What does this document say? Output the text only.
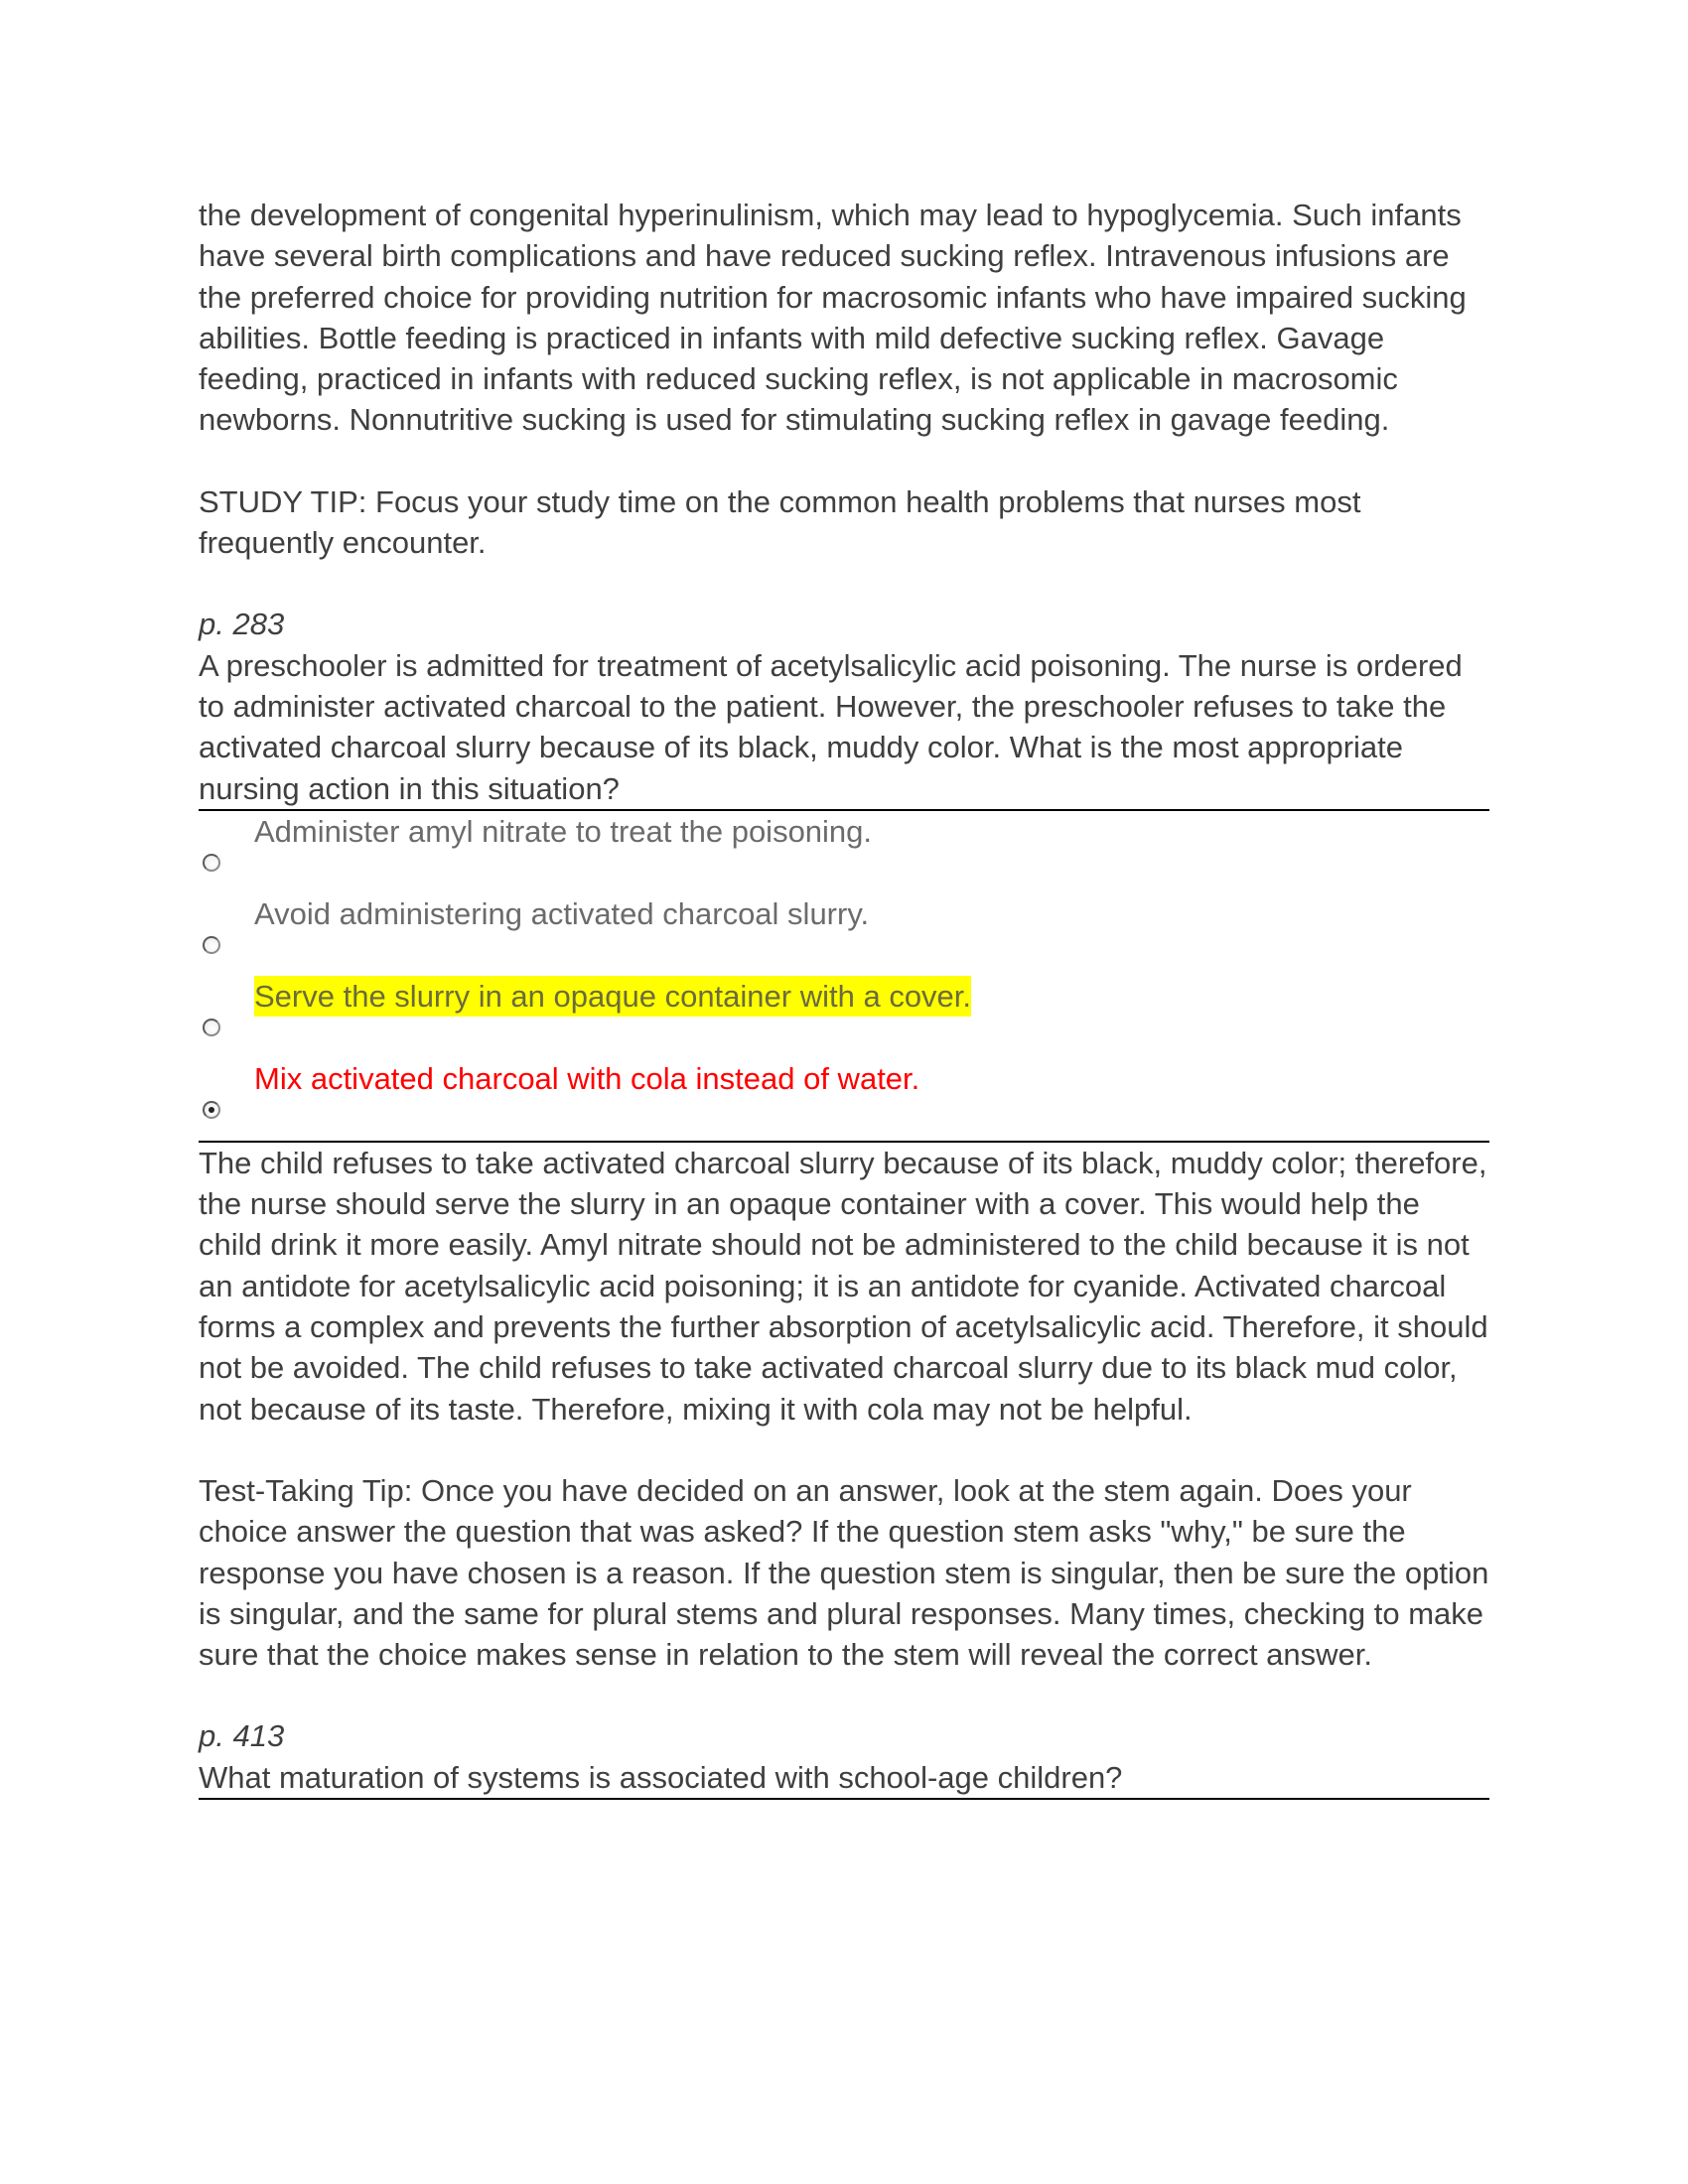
the development of congenital hyperinulinism, which may lead to hypoglycemia. Such infants have several birth complications and have reduced sucking reflex. Intravenous infusions are the preferred choice for providing nutrition for macrosomic infants who have impaired sucking abilities. Bottle feeding is practiced in infants with mild defective sucking reflex. Gavage feeding, practiced in infants with reduced sucking reflex, is not applicable in macrosomic newborns. Nonnutritive sucking is used for stimulating sucking reflex in gavage feeding.

STUDY TIP: Focus your study time on the common health problems that nurses most frequently encounter.

p. 283

A preschooler is admitted for treatment of acetylsalicylic acid poisoning. The nurse is ordered to administer activated charcoal to the patient. However, the preschooler refuses to take the activated charcoal slurry because of its black, muddy color. What is the most appropriate nursing action in this situation?

Administer amyl nitrate to treat the poisoning.
Avoid administering activated charcoal slurry.
Serve the slurry in an opaque container with a cover.
Mix activated charcoal with cola instead of water.

The child refuses to take activated charcoal slurry because of its black, muddy color; therefore, the nurse should serve the slurry in an opaque container with a cover. This would help the child drink it more easily. Amyl nitrate should not be administered to the child because it is not an antidote for acetylsalicylic acid poisoning; it is an antidote for cyanide. Activated charcoal forms a complex and prevents the further absorption of acetylsalicylic acid. Therefore, it should not be avoided. The child refuses to take activated charcoal slurry due to its black mud color, not because of its taste. Therefore, mixing it with cola may not be helpful.

Test-Taking Tip: Once you have decided on an answer, look at the stem again. Does your choice answer the question that was asked? If the question stem asks "why," be sure the response you have chosen is a reason. If the question stem is singular, then be sure the option is singular, and the same for plural stems and plural responses. Many times, checking to make sure that the choice makes sense in relation to the stem will reveal the correct answer.

p. 413

What maturation of systems is associated with school-age children?
